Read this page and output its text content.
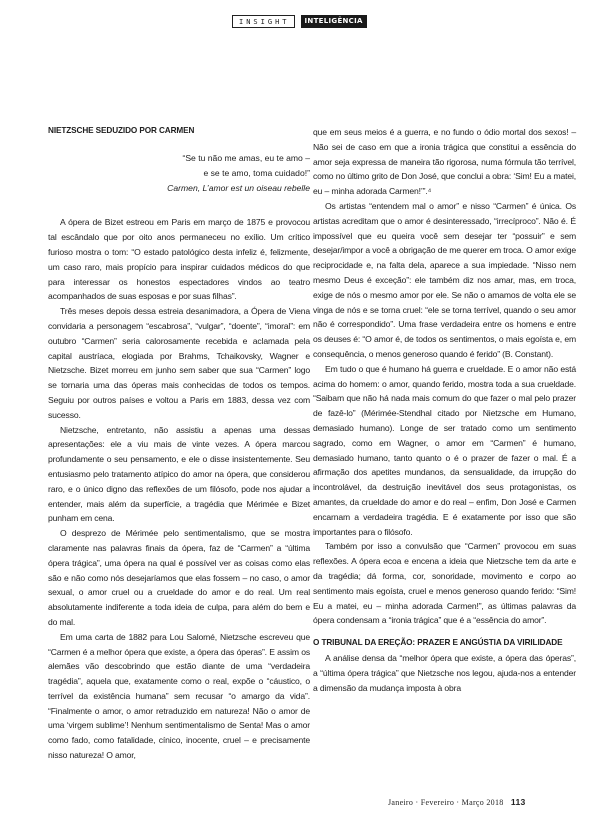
INSIGHT	INTELIGÊNCIA
NIETZSCHE SEDUZIDO POR CARMEN
“Se tu não me amas, eu te amo –
e se te amo, toma cuidado!”
Carmen, L’amor est un oiseau rebelle

A ópera de Bizet estreou em Paris em março de 1875 e provocou tal escândalo que por oito anos permaneceu no exílio. Um crítico furioso mostra o tom: “O estado patológico desta infeliz é, felizmente, um caso raro, mais propício para inspirar cuidados médicos do que para interessar os honestos espectadores vindos ao teatro acompanhados de suas esposas e por suas filhas”.

Três meses depois dessa estreia desanimadora, a Ópera de Viena convidaria a personagem “escabrosa”, “vulgar”, “doente”, “imoral”: em outubro “Carmen” seria calorosamente recebida e aclamada pela capital austríaca, elogiada por Brahms, Tchaikovsky, Wagner e Nietzsche. Bizet morreu em junho sem saber que sua “Carmen” logo se tornaria uma das óperas mais conhecidas de todos os tempos. Seguiu por outros países e voltou a Paris em 1883, dessa vez com sucesso.

Nietzsche, entretanto, não assistiu a apenas uma dessas apresentações: ele a viu mais de vinte vezes. A ópera marcou profundamente o seu pensamento, e ele o disse insistentemente. Seu entusiasmo pelo tratamento atípico do amor na ópera, que considerou raro, e o único digno das reflexões de um filósofo, pode nos ajudar a entender, mais além da superfície, a tragédia que Mérimée e Bizet punham em cena.

O desprezo de Mérimée pelo sentimentalismo, que se mostra claramente nas palavras finais da ópera, faz de “Carmen” a “última ópera trágica”, uma ópera na qual é possível ver as coisas como elas são e não como nós desejaríamos que elas fossem – no caso, o amor sexual, o amor cruel ou a crueldade do amor e do real. Um real absolutamente indiferente a toda ideia de culpa, para além do bem e do mal.

Em uma carta de 1882 para Lou Salomé, Nietzsche escreveu que “Carmen é a melhor ópera que existe, a ópera das óperas”. E assim os alemães vão descobrindo que estão diante de uma “verdadeira tragédia”, aquela que, exatamente como o real, expõe o “cáustico, o terrível da existência humana” sem recusar “o amargo da vida”. “Finalmente o amor, o amor retraduzido em natureza! Não o amor de uma ‘virgem sublime’! Nenhum sentimentalismo de Senta! Mas o amor como fado, como fatalidade, cínico, inocente, cruel – e precisamente nisso natureza! O amor,

que em seus meios é a guerra, e no fundo o ódio mortal dos sexos! – Não sei de caso em que a ironia trágica que constitui a essência do amor seja expressa de maneira tão rigorosa, numa fórmula tão terrível, como no último grito de Don José, que conclui a obra: ‘Sim! Eu a matei, eu – minha adorada Carmen!’”.⁴

Os artistas “entendem mal o amor” e nisso “Carmen” é única. Os artistas acreditam que o amor é desinteressado, “irrecíproco”. Não é. É impossível que eu queira você sem desejar ter “possuir” e sem desejar/impor a você a obrigação de me querer em troca. O amor exige reciprocidade e, na falta dela, aparece a sua impiedade. “Nisso nem mesmo Deus é exceção”: ele também diz nos amar, mas, em troca, exige de nós o mesmo amor por ele. Se não o amamos de volta ele se vinga de nós e se torna cruel: “ele se torna terrível, quando o seu amor não é correspondido”. Uma frase verdadeira entre os homens e entre os deuses é: “O amor é, de todos os sentimentos, o mais egoísta e, em consequência, o menos generoso quando é ferido” (B. Constant).

Em tudo o que é humano há guerra e crueldade. E o amor não está acima do homem: o amor, quando ferido, mostra toda a sua crueldade. “Saibam que não há nada mais comum do que fazer o mal pelo prazer de fazê-lo” (Mérimée-Stendhal citado por Nietzsche em Humano, demasiado humano). Longe de ser tratado como um sentimento sagrado, como em Wagner, o amor em “Carmen” é humano, demasiado humano, tanto quanto o é o prazer de fazer o mal. É a afirmação dos apetites mundanos, da sensualidade, da irrupção do incontrolável, da destruição inevitável dos seus protagonistas, os amantes, da crueldade do amor e do real – enfim, Don José e Carmen encarnam a verdadeira tragédia. E é exatamente por isso que são importantes para o filósofo.

Também por isso a convulsão que “Carmen” provocou em suas reflexões. A ópera ecoa e encena a ideia que Nietzsche tem da arte e da tragédia; dá forma, cor, sonoridade, movimento e corpo ao sentimento mais egoísta, cruel e menos generoso quando ferido: “Sim! Eu a matei, eu – minha adorada Carmen!”, as últimas palavras da ópera condensam a “ironia trágica” que é a “essência do amor”.

O TRIBUNAL DA EREÇÃO: PRAZER E ANGÚSTIA DA VIRILIDADE

A análise densa da “melhor ópera que existe, a ópera das óperas”, a “última ópera trágica” que Nietzsche nos legou, ajuda-nos a entender a dimensão da mudança imposta à obra

Janeiro · Fevereiro · Março 2018 113
